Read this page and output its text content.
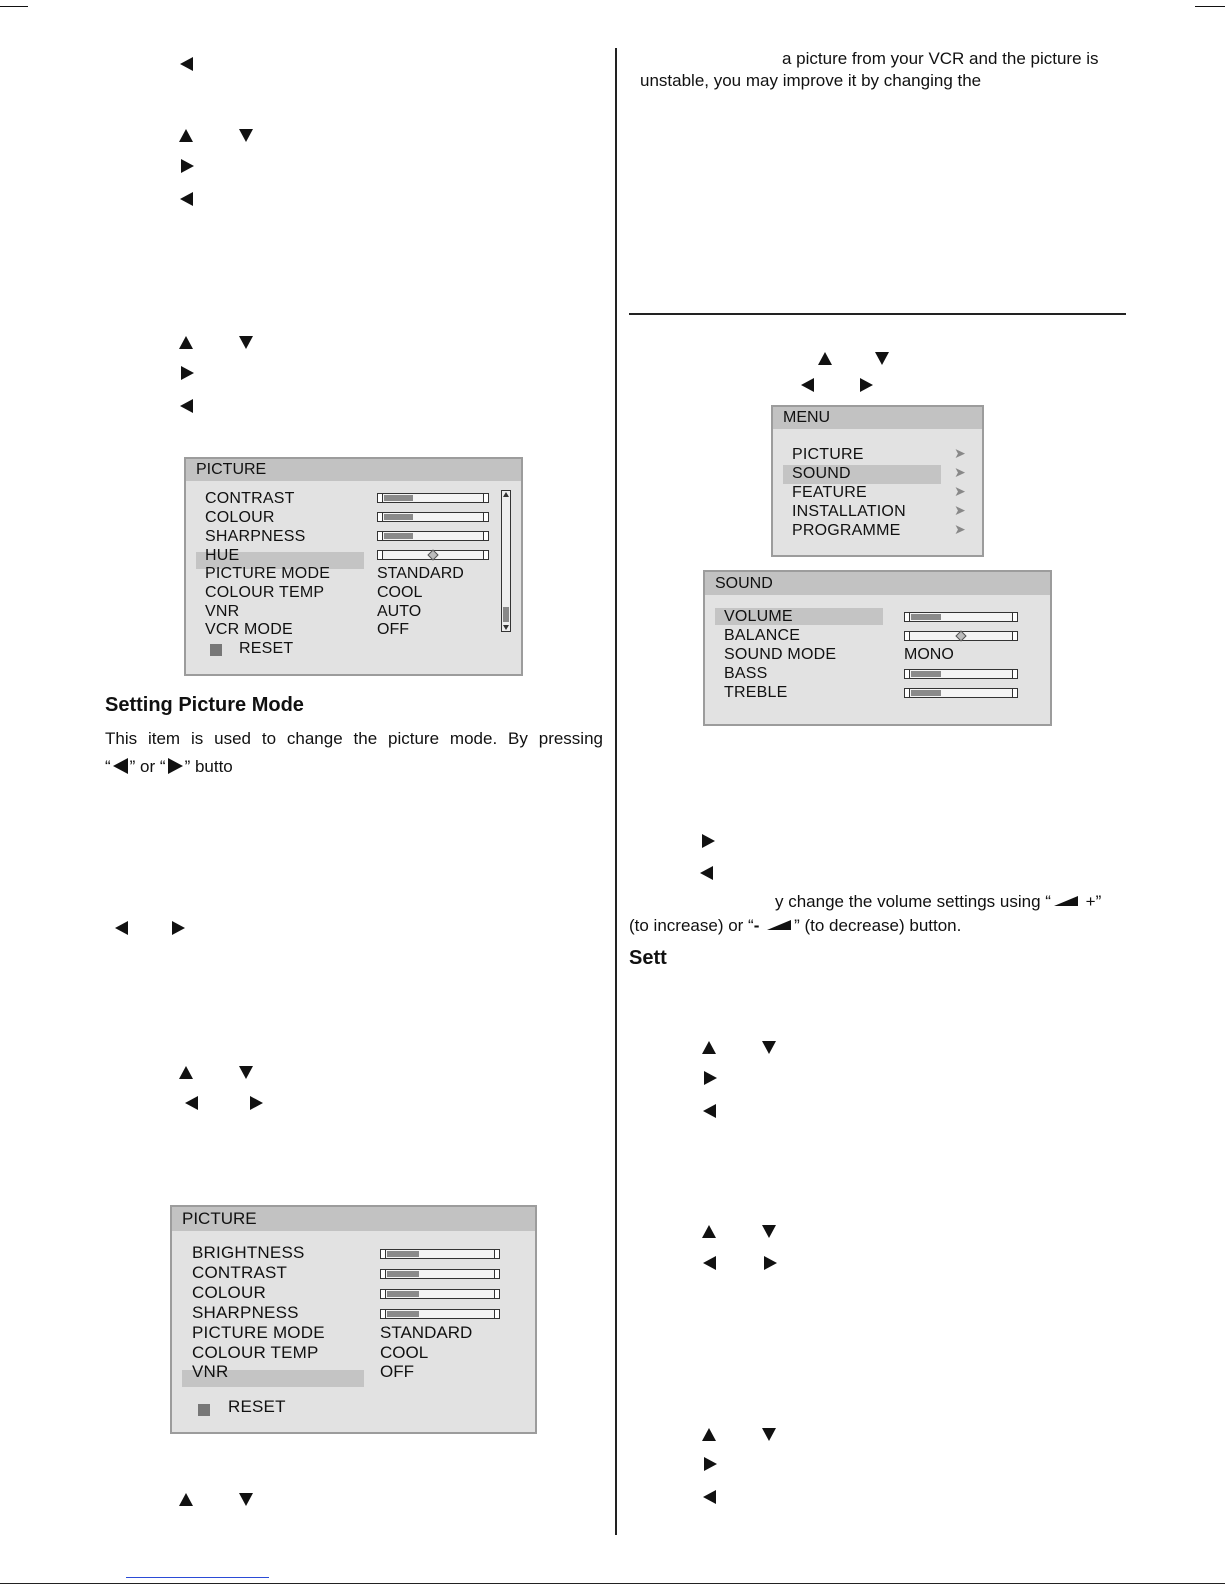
PICTURE
CONTRAST
COLOUR
SHARPNESS
HUE
PICTURE MODE
COLOUR TEMP
VNR
VCR MODE
STANDARD
COOL
AUTO
OFF
RESET
Setting Picture Mode
This item is used to change the picture mode. By pressing
“ ” or “ ” butto
PICTURE
BRIGHTNESS
CONTRAST
COLOUR
SHARPNESS
PICTURE MODE
COLOUR TEMP
VNR
STANDARD
COOL
OFF
RESET
a picture from your VCR and the picture is
unstable, you may improve it by changing the
MENU
PICTURE
SOUND
FEATURE
INSTALLATION
PROGRAMME
➤
➤
➤
➤
➤
SOUND
VOLUME
BALANCE
SOUND MODE
BASS
TREBLE
MONO
y change the volume settings using “ +”
(to increase) or “- ” (to decrease) button.
Sett
